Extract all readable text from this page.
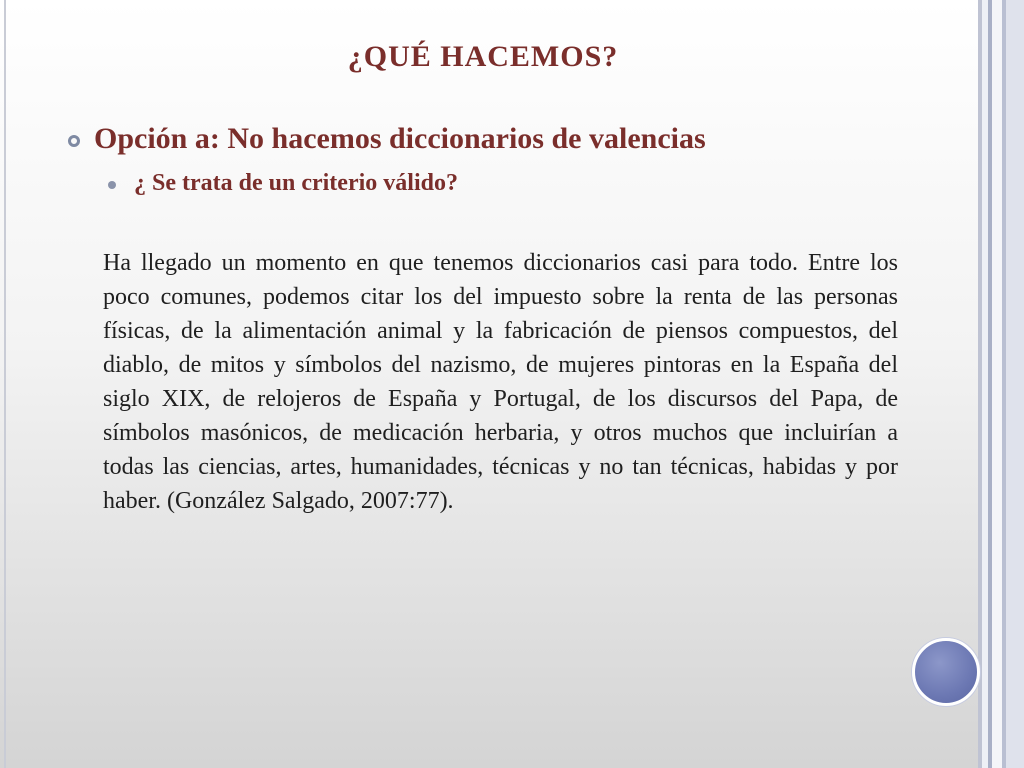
¿QUÉ HACEMOS?
Opción a: No hacemos diccionarios de valencias
¿ Se trata de un criterio válido?
Ha llegado un momento en que tenemos diccionarios casi para todo. Entre los poco comunes, podemos citar los del impuesto sobre la renta de las personas físicas, de la alimentación animal y la fabricación de piensos compuestos, del diablo, de mitos y símbolos del nazismo, de mujeres pintoras en la España del siglo XIX, de relojeros de España y Portugal, de los discursos del Papa, de símbolos masónicos, de medicación herbaria, y otros muchos que incluirían a todas las ciencias, artes, humanidades, técnicas y no tan técnicas, habidas y por haber. (González Salgado, 2007:77).
